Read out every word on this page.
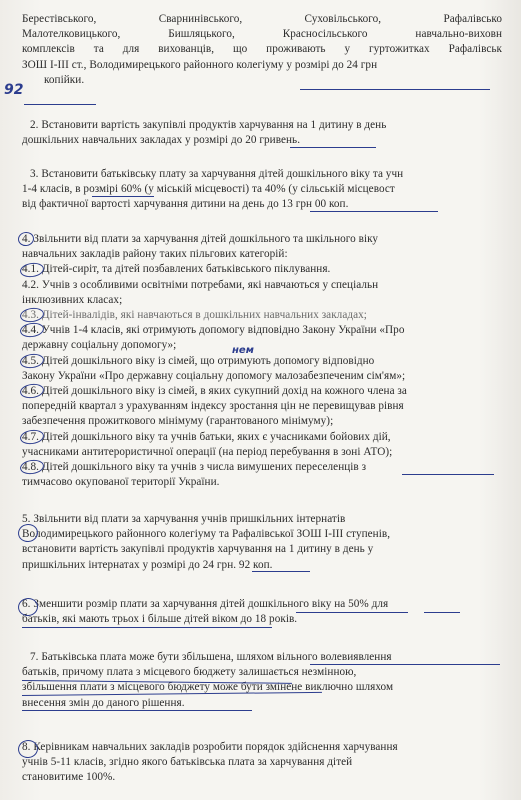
Берестівського, Сварнинівського, Суховільського, Рафалівсько
Малотелковицького, Бишляцького, Красносільського навчально-виховн
комплексів та для вихованців, що проживають у гуртожитках Рафалівськ
ЗОШ І-ІІІ ст., Володимирецького районного колегіуму у розмірі до 24 грн
копійки.
92
2. Встановити вартість закупівлі продуктів харчування на 1 дитину в день
дошкільних навчальних закладах у розмірі до 20 гривень.
3. Встановити батьківську плату за харчування дітей дошкільного віку та учн
1-4 класів, в розмірі 60% (у міській місцевості) та 40% (у сільській місцевост
від фактичної вартості харчування дитини на день до 13 грн 00 коп.
4. Звільнити від плати за харчування дітей дошкільного та шкільного віку
навчальних закладів району таких пільгових категорій:
4.1. Дітей-сиріт, та дітей позбавлених батьківського піклування.
4.2. Учнів з особливими освітніми потребами, які навчаються у спеціальн
інклюзивних класах;
4.3. Дітей-інвалідів, які навчаються в дошкільних навчальних закладах;
4.4. Учнів 1-4 класів, які отримують допомогу відповідно Закону України «Про
державну соціальну допомогу»;
4.5. Дітей дошкільного віку із сімей, що отримують допомогу відповідно
Закону України «Про державну соціальну допомогу малозабезпеченим сім'ям»;
4.6. Дітей дошкільного віку із сімей, в яких сукупний дохід на кожного члена за
попередній квартал з урахуванням індексу зростання цін не перевищував рівня
забезпечення прожиткового мінімуму (гарантованого мінімуму);
4.7. Дітей дошкільного віку та учнів батьки, яких є учасниками бойових дій,
учасниками антитерористичної операції (на період перебування в зоні АТО);
4.8. Дітей дошкільного віку та учнів з числа вимушених переселенців з
тимчасово окупованої території України.
нем
5. Звільнити від плати за харчування учнів пришкільних інтернатів
Володимирецького районного колегіуму та Рафалівської ЗОШ І-ІІІ ступенів,
встановити вартість закупівлі продуктів харчування на 1 дитину в день у
пришкільних інтернатах у розмірі до 24 грн. 92 коп.
6. Зменшити розмір плати за харчування дітей дошкільного віку на 50% для
батьків, які мають трьох і більше дітей віком до 18 років.
7. Батьківська плата може бути збільшена, шляхом вільного волевиявлення
батьків, причому плата з місцевого бюджету залишається незмінною,
збільшення плати з місцевого бюджету може бути змінене виключно шляхом
внесення змін до даного рішення.
8. Керівникам навчальних закладів розробити порядок здійснення харчування
учнів 5-11 класів, згідно якого батьківська плата за харчування дітей
становитиме 100%.
